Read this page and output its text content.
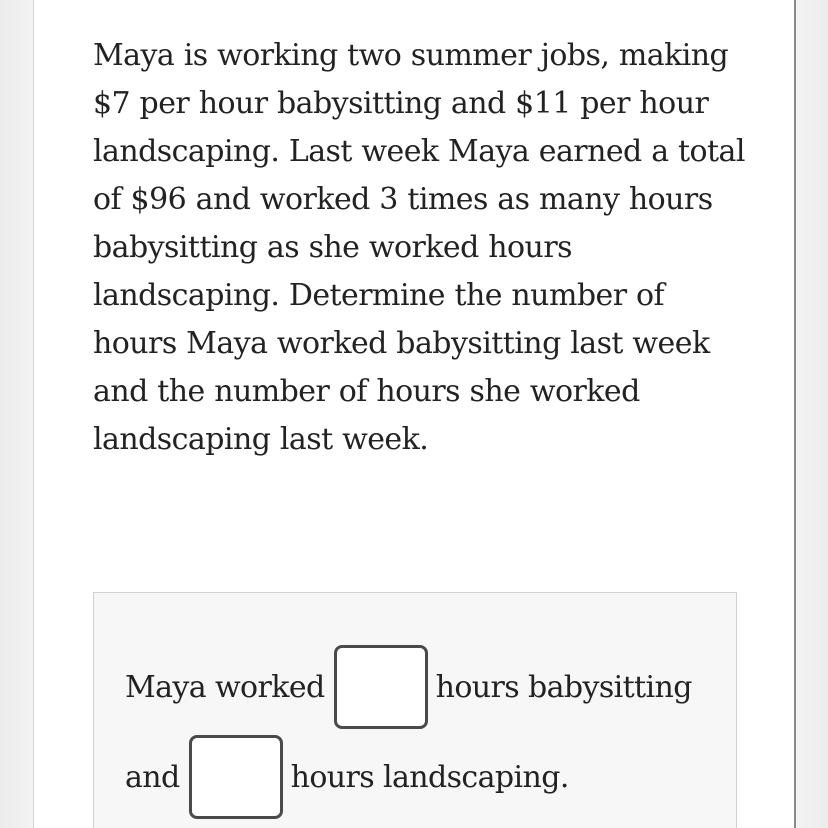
Maya is working two summer jobs, making $7 per hour babysitting and $11 per hour landscaping. Last week Maya earned a total of $96 and worked 3 times as many hours babysitting as she worked hours landscaping. Determine the number of hours Maya worked babysitting last week and the number of hours she worked landscaping last week.

Maya worked	hours babysitting
and	hours landscaping.
